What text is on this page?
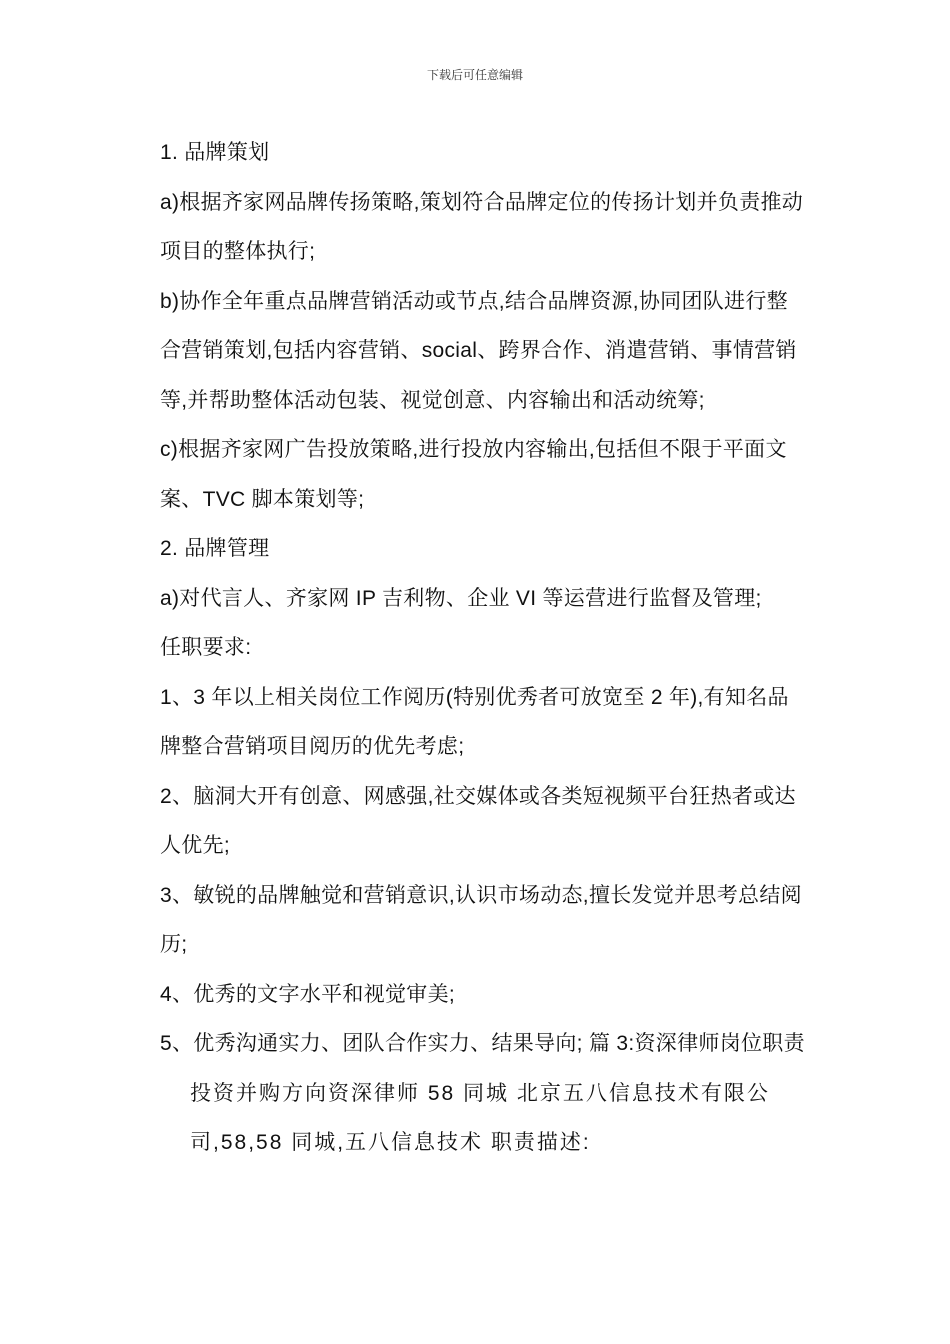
下载后可任意编辑

1. 品牌策划

a)根据齐家网品牌传扬策略,策划符合品牌定位的传扬计划并负责推动项目的整体执行;

b)协作全年重点品牌营销活动或节点,结合品牌资源,协同团队进行整合营销策划,包括内容营销、social、跨界合作、消遣营销、事情营销等,并帮助整体活动包装、视觉创意、内容输出和活动统筹;

c)根据齐家网广告投放策略,进行投放内容输出,包括但不限于平面文案、TVC 脚本策划等;

2. 品牌管理

a)对代言人、齐家网 IP 吉利物、企业 VI 等运营进行监督及管理;

任职要求:

1、3 年以上相关岗位工作阅历(特别优秀者可放宽至 2 年),有知名品牌整合营销项目阅历的优先考虑;

2、脑洞大开有创意、网感强,社交媒体或各类短视频平台狂热者或达人优先;

3、敏锐的品牌触觉和营销意识,认识市场动态,擅长发觉并思考总结阅历;

4、优秀的文字水平和视觉审美;

5、优秀沟通实力、团队合作实力、结果导向; 篇 3:资深律师岗位职责

投资并购方向资深律师 58 同城 北京五八信息技术有限公司,58,58 同城,五八信息技术 职责描述:
